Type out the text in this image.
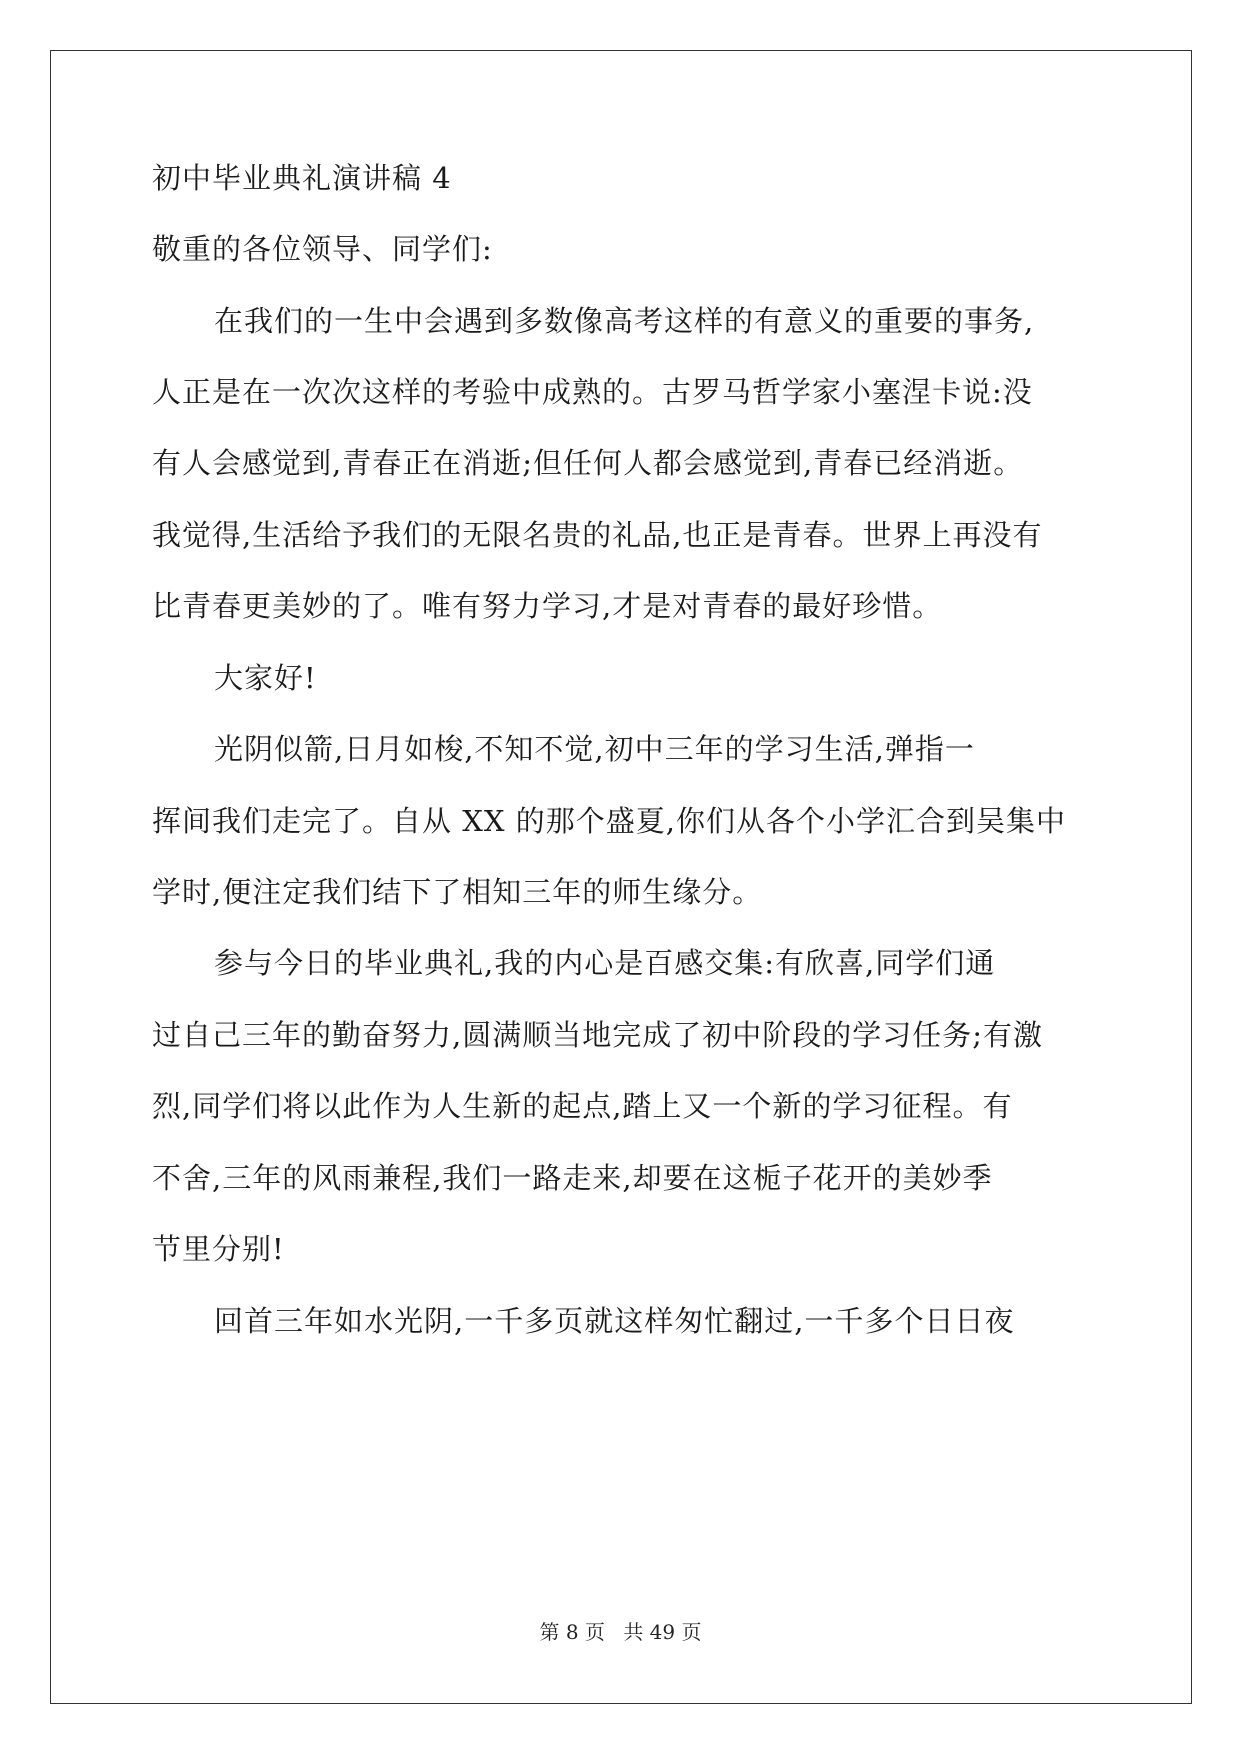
初中毕业典礼演讲稿 4
敬重的各位领导、同学们:
在我们的一生中会遇到多数像高考这样的有意义的重要的事务,
人正是在一次次这样的考验中成熟的。古罗马哲学家小塞涅卡说:没
有人会感觉到,青春正在消逝;但任何人都会感觉到,青春已经消逝。
我觉得,生活给予我们的无限名贵的礼品,也正是青春。世界上再没有
比青春更美妙的了。唯有努力学习,才是对青春的最好珍惜。
大家好!
光阴似箭,日月如梭,不知不觉,初中三年的学习生活,弹指一
挥间我们走完了。自从 XX 的那个盛夏,你们从各个小学汇合到吴集中
学时,便注定我们结下了相知三年的师生缘分。
参与今日的毕业典礼,我的内心是百感交集:有欣喜,同学们通
过自己三年的勤奋努力,圆满顺当地完成了初中阶段的学习任务;有激
烈,同学们将以此作为人生新的起点,踏上又一个新的学习征程。有
不舍,三年的风雨兼程,我们一路走来,却要在这栀子花开的美妙季
节里分别!
回首三年如水光阴,一千多页就这样匆忙翻过,一千多个日日夜
第 8 页 共 49 页
